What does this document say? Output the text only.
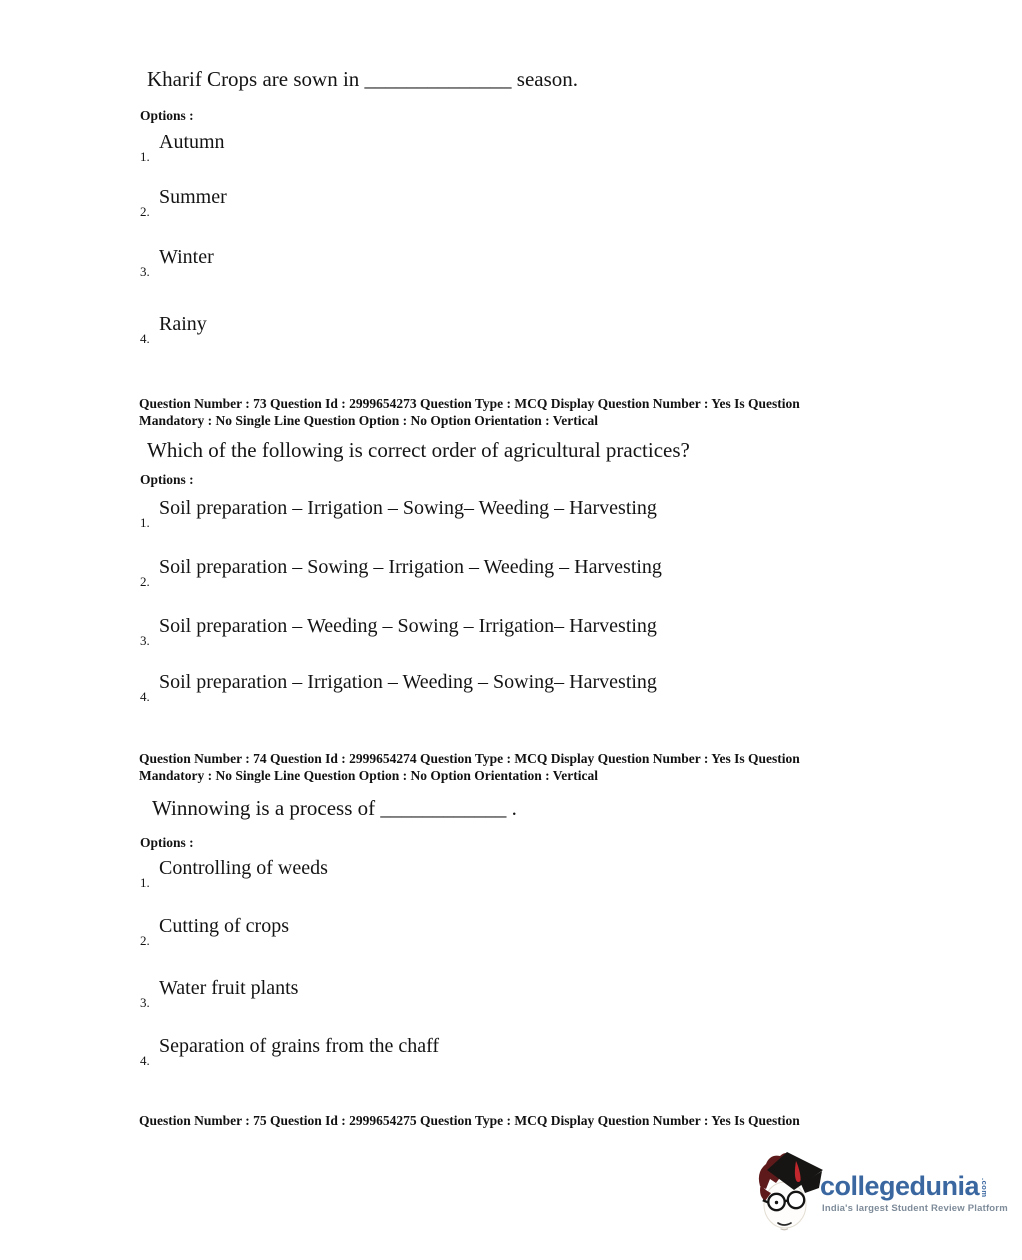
Kharif Crops are sown in ______________ season.
Options :
1.
Autumn
2.
Summer
3.
Winter
4.
Rainy
Question Number : 73 Question Id : 2999654273 Question Type : MCQ Display Question Number : Yes Is Question
Mandatory : No Single Line Question Option : No Option Orientation : Vertical
Which of the following is correct order of agricultural practices?
Options :
1.
Soil preparation – Irrigation – Sowing– Weeding – Harvesting
2.
Soil preparation – Sowing – Irrigation – Weeding – Harvesting
3.
Soil preparation – Weeding – Sowing – Irrigation– Harvesting
4.
Soil preparation – Irrigation – Weeding – Sowing– Harvesting
Question Number : 74 Question Id : 2999654274 Question Type : MCQ Display Question Number : Yes Is Question
Mandatory : No Single Line Question Option : No Option Orientation : Vertical
Winnowing is a process of ____________ .
Options :
1.
Controlling of weeds
2.
Cutting of crops
3.
Water fruit plants
4.
Separation of grains from the chaff
Question Number : 75 Question Id : 2999654275 Question Type : MCQ Display Question Number : Yes Is Question
collegedunia .com
India's largest Student Review Platform
